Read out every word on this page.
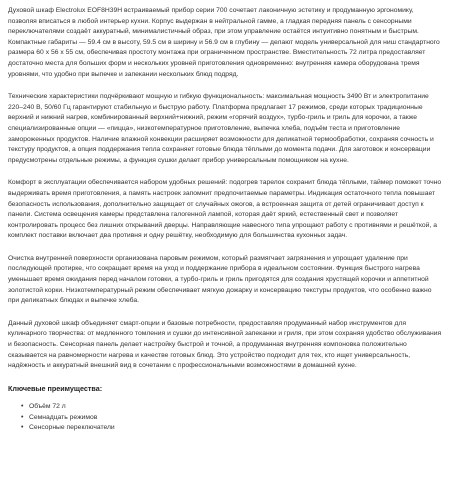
Духовой шкаф Electrolux EOF8H39H встраиваемый прибор серии 700 сочетает лаконичную эстетику и продуманную эргономику, позволяя вписаться в любой интерьер кухни. Корпус выдержан в нейтральной гамме, а гладкая передняя панель с сенсорными переключателями создаёт аккуратный, минималистичный образ, при этом управление остаётся интуитивно понятным и быстрым. Компактные габариты — 59.4 см в высоту, 59.5 см в ширину и 56.9 см в глубину — делают модель универсальной для ниш стандартного размера 60 х 56 х 55 см, обеспечивая простоту монтажа при ограниченном пространстве. Вместительность 72 литра предоставляет достаточно места для больших форм и нескольких уровней приготовления одновременно: внутренняя камера оборудована тремя уровнями, что удобно при выпечке и запекании нескольких блюд подряд.

Технические характеристики подчёркивают мощную и гибкую функциональность: максимальная мощность 3490 Вт и электропитание 220–240 В, 50/60 Гц гарантируют стабильную и быструю работу. Платформа предлагает 17 режимов, среди которых традиционные верхний и нижний нагрев, комбинированный верхний+нижний, режим «горячий воздух», турбо-гриль и гриль для корочки, а также специализированные опции — «пицца», низкотемпературное приготовление, выпечка хлеба, подъём теста и приготовление замороженных продуктов. Наличие влажной конвекции расширяет возможности для деликатной термообработки, сохраняя сочность и текстуру продуктов, а опция поддержания тепла сохраняет готовые блюда тёплыми до момента подачи. Для заготовок и консервации предусмотрены отдельные режимы, а функция сушки делает прибор универсальным помощником на кухне.

Комфорт в эксплуатации обеспечивается набором удобных решений: подогрев тарелок сохранит блюда тёплыми, таймер поможет точно выдерживать время приготовления, а память настроек запомнит предпочитаемые параметры. Индикация остаточного тепла повышает безопасность использования, дополнительно защищает от случайных ожогов, а встроенная защита от детей ограничивает доступ к панели. Система освещения камеры представлена галогенной лампой, которая даёт яркий, естественный свет и позволяет контролировать процесс без лишних открываний дверцы. Направляющие навесного типа упрощают работу с противнями и решёткой, а комплект поставки включает два противня и одну решётку, необходимую для большинства кухонных задач.

Очистка внутренней поверхности организована паровым режимом, который размягчает загрязнения и упрощает удаление при последующей протирке, что сокращает время на уход и поддержание прибора в идеальном состоянии. Функция быстрого нагрева уменьшает время ожидания перед началом готовки, а турбо-гриль и гриль пригодятся для создания хрустящей корочки и аппетитной золотистой корки. Низкотемпературный режим обеспечивает мягкую дожарку и консервацию текстуры продуктов, что особенно важно при деликатных блюдах и выпечке хлеба.

Данный духовой шкаф объединяет смарт-опции и базовые потребности, предоставляя продуманный набор инструментов для кулинарного творчества: от медленного томления и сушки до интенсивной запеканки и гриля, при этом сохраняя удобство обслуживания и безопасность. Сенсорная панель делает настройку быстрой и точной, а продуманная внутренняя компоновка положительно сказывается на равномерности нагрева и качестве готовых блюд. Это устройство подходит для тех, кто ищет универсальность, надёжность и аккуратный внешний вид в сочетании с профессиональными возможностями в домашней кухне.

Ключевые преимущества:
• Объём 72 л
• Семнадцать режимов
• Сенсорные переключатели
